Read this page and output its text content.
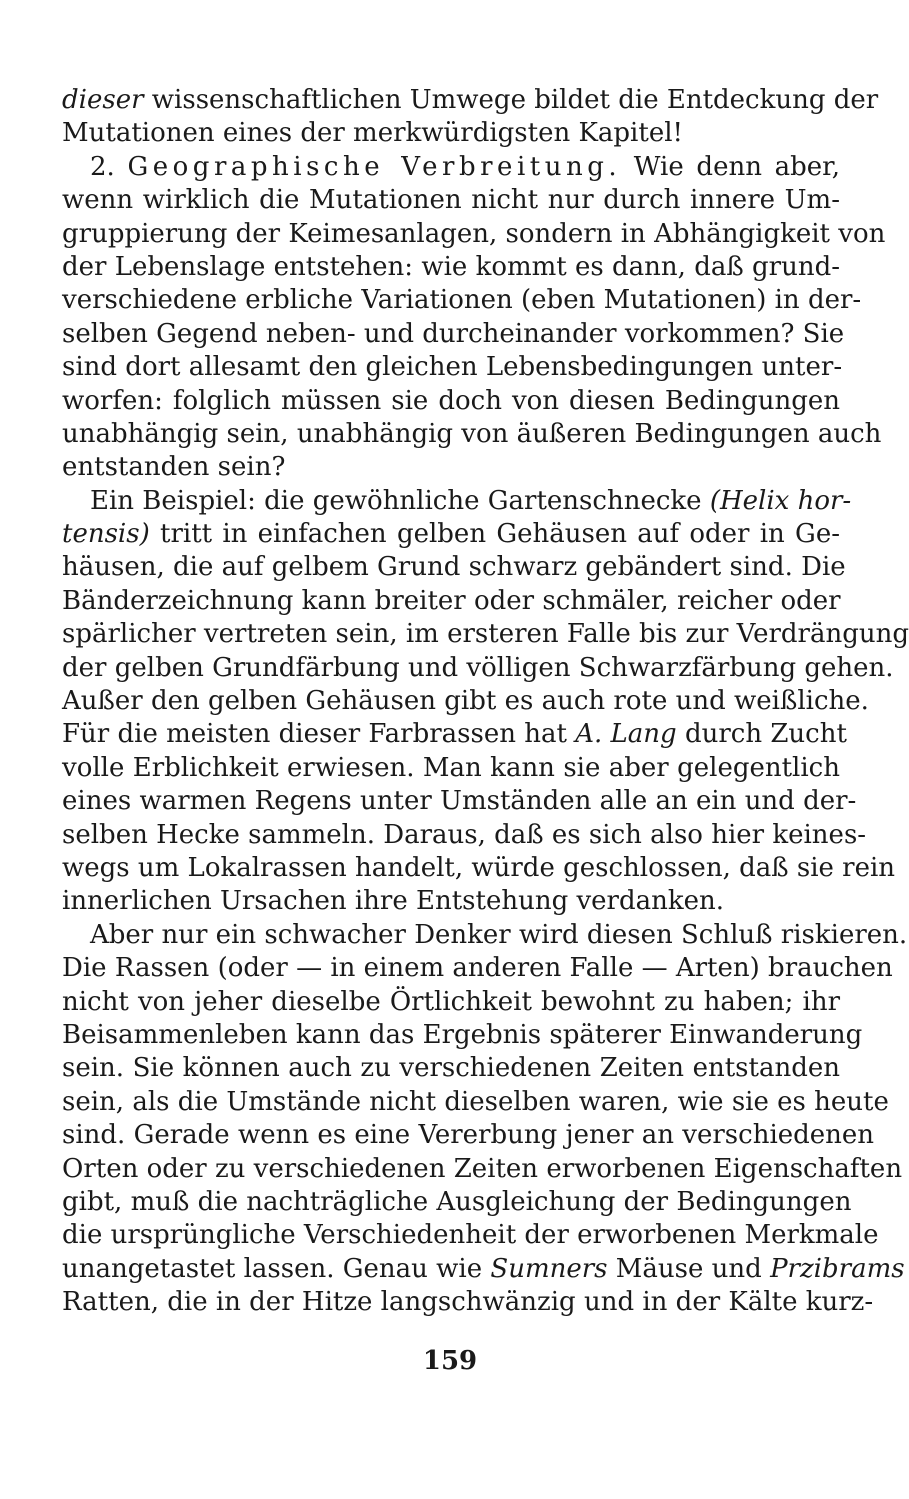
dieser wissenschaftlichen Umwege bildet die Entdeckung der
Mutationen eines der merkwürdigsten Kapitel!
2. Geographische Verbreitung. Wie denn aber,
wenn wirklich die Mutationen nicht nur durch innere Um-
gruppierung der Keimesanlagen, sondern in Abhängigkeit von
der Lebenslage entstehen: wie kommt es dann, daß grund-
verschiedene erbliche Variationen (eben Mutationen) in der-
selben Gegend neben- und durcheinander vorkommen? Sie
sind dort allesamt den gleichen Lebensbedingungen unter-
worfen: folglich müssen sie doch von diesen Bedingungen
unabhängig sein, unabhängig von äußeren Bedingungen auch
entstanden sein?
Ein Beispiel: die gewöhnliche Gartenschnecke (Helix hor-
tensis) tritt in einfachen gelben Gehäusen auf oder in Ge-
häusen, die auf gelbem Grund schwarz gebändert sind. Die
Bänderzeichnung kann breiter oder schmäler, reicher oder
spärlicher vertreten sein, im ersteren Falle bis zur Verdrängung
der gelben Grundfärbung und völligen Schwarzfärbung gehen.
Außer den gelben Gehäusen gibt es auch rote und weißliche.
Für die meisten dieser Farbrassen hat A. Lang durch Zucht
volle Erblichkeit erwiesen. Man kann sie aber gelegentlich
eines warmen Regens unter Umständen alle an ein und der-
selben Hecke sammeln. Daraus, daß es sich also hier keines-
wegs um Lokalrassen handelt, würde geschlossen, daß sie rein
innerlichen Ursachen ihre Entstehung verdanken.
Aber nur ein schwacher Denker wird diesen Schluß riskieren.
Die Rassen (oder — in einem anderen Falle — Arten) brauchen
nicht von jeher dieselbe Örtlichkeit bewohnt zu haben; ihr
Beisammenleben kann das Ergebnis späterer Einwanderung
sein. Sie können auch zu verschiedenen Zeiten entstanden
sein, als die Umstände nicht dieselben waren, wie sie es heute
sind. Gerade wenn es eine Vererbung jener an verschiedenen
Orten oder zu verschiedenen Zeiten erworbenen Eigenschaften
gibt, muß die nachträgliche Ausgleichung der Bedingungen
die ursprüngliche Verschiedenheit der erworbenen Merkmale
unangetastet lassen. Genau wie Sumners Mäuse und Przibrams
Ratten, die in der Hitze langschwänzig und in der Kälte kurz-
159
